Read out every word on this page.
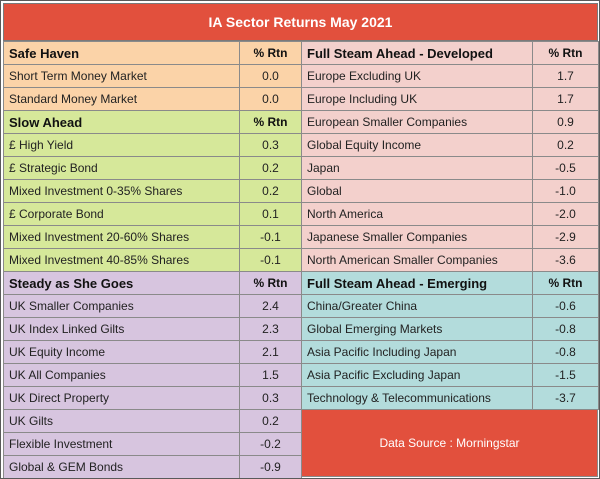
IA Sector Returns May 2021
Safe Haven	% Rtn
Short Term Money Market	0.0
Standard Money Market	0.0
Slow Ahead	% Rtn
£ High Yield	0.3
£ Strategic Bond	0.2
Mixed Investment 0-35% Shares	0.2
£ Corporate Bond	0.1
Mixed Investment 20-60% Shares	-0.1
Mixed Investment 40-85% Shares	-0.1
Steady as She Goes	% Rtn
UK Smaller Companies	2.4
UK Index Linked Gilts	2.3
UK Equity Income	2.1
UK All Companies	1.5
UK Direct Property	0.3
UK Gilts	0.2
Flexible Investment	-0.2
Global & GEM Bonds	-0.9
Full Steam Ahead - Developed	% Rtn
Europe Excluding UK	1.7
Europe Including UK	1.7
European Smaller Companies	0.9
Global Equity Income	0.2
Japan	-0.5
Global	-1.0
North America	-2.0
Japanese Smaller Companies	-2.9
North American Smaller Companies	-3.6
Full Steam Ahead - Emerging	% Rtn
China/Greater China	-0.6
Global Emerging Markets	-0.8
Asia Pacific Including Japan	-0.8
Asia Pacific Excluding Japan	-1.5
Technology & Telecommunications	-3.7
Data Source : Morningstar
